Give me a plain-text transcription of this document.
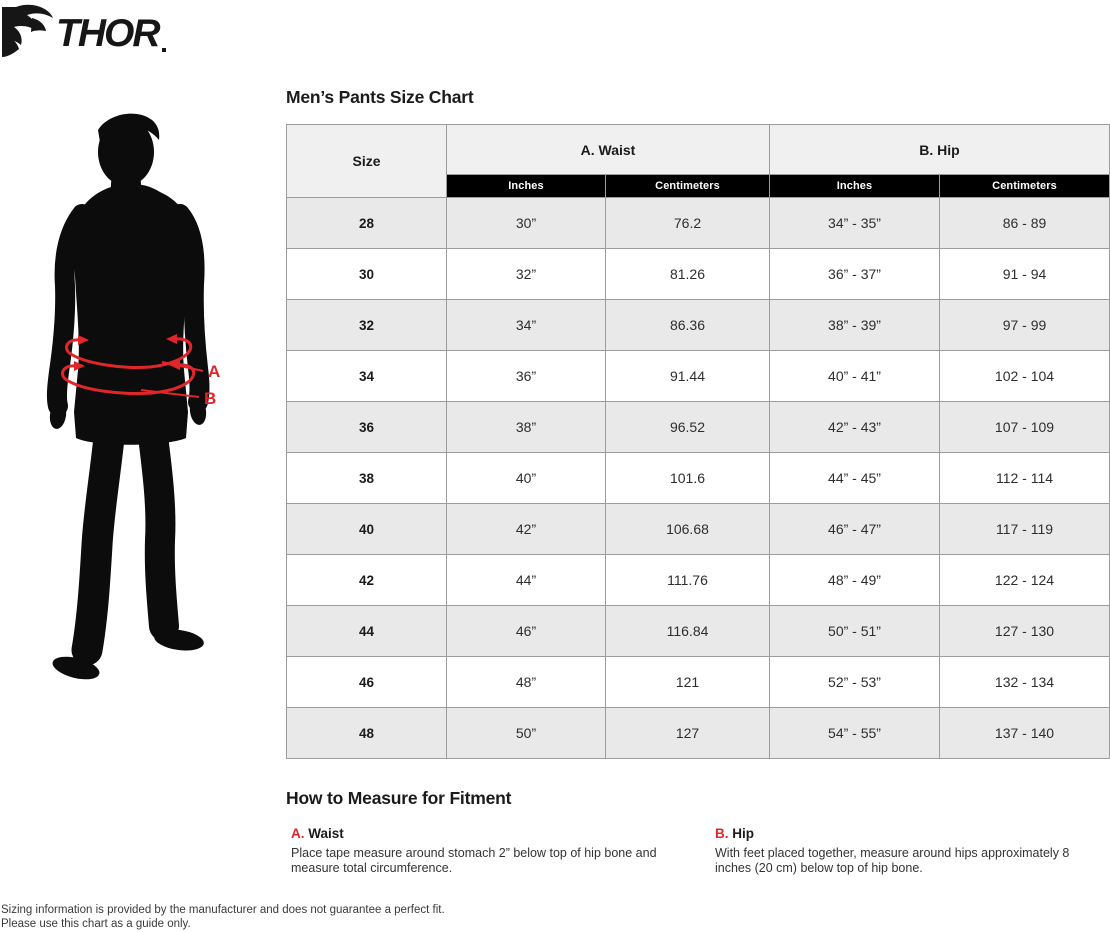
THOR
A
B
Men’s Pants Size Chart
Size	A. Waist		B. Hip	
	Inches	Centimeters	Inches	Centimeters
28	30”	76.2	34” - 35”	86 - 89
30	32”	81.26	36” - 37”	91 - 94
32	34”	86.36	38” - 39”	97 - 99
34	36”	91.44	40” - 41”	102 - 104
36	38”	96.52	42” - 43”	107 - 109
38	40”	101.6	44” - 45”	112 - 114
40	42”	106.68	46” - 47”	117 - 119
42	44”	111.76	48” - 49”	122 - 124
44	46”	116.84	50” - 51”	127 - 130
46	48”	121	52” - 53”	132 - 134
48	50”	127	54” - 55”	137 - 140
How to Measure for Fitment
A. Waist

Place tape measure around stomach 2” below top of hip bone and measure total circumference.

B. Hip

With feet placed together, measure around hips approximately 8 inches (20 cm) below top of hip bone.

Sizing information is provided by the manufacturer and does not guarantee a perfect fit.

Please use this chart as a guide only.
